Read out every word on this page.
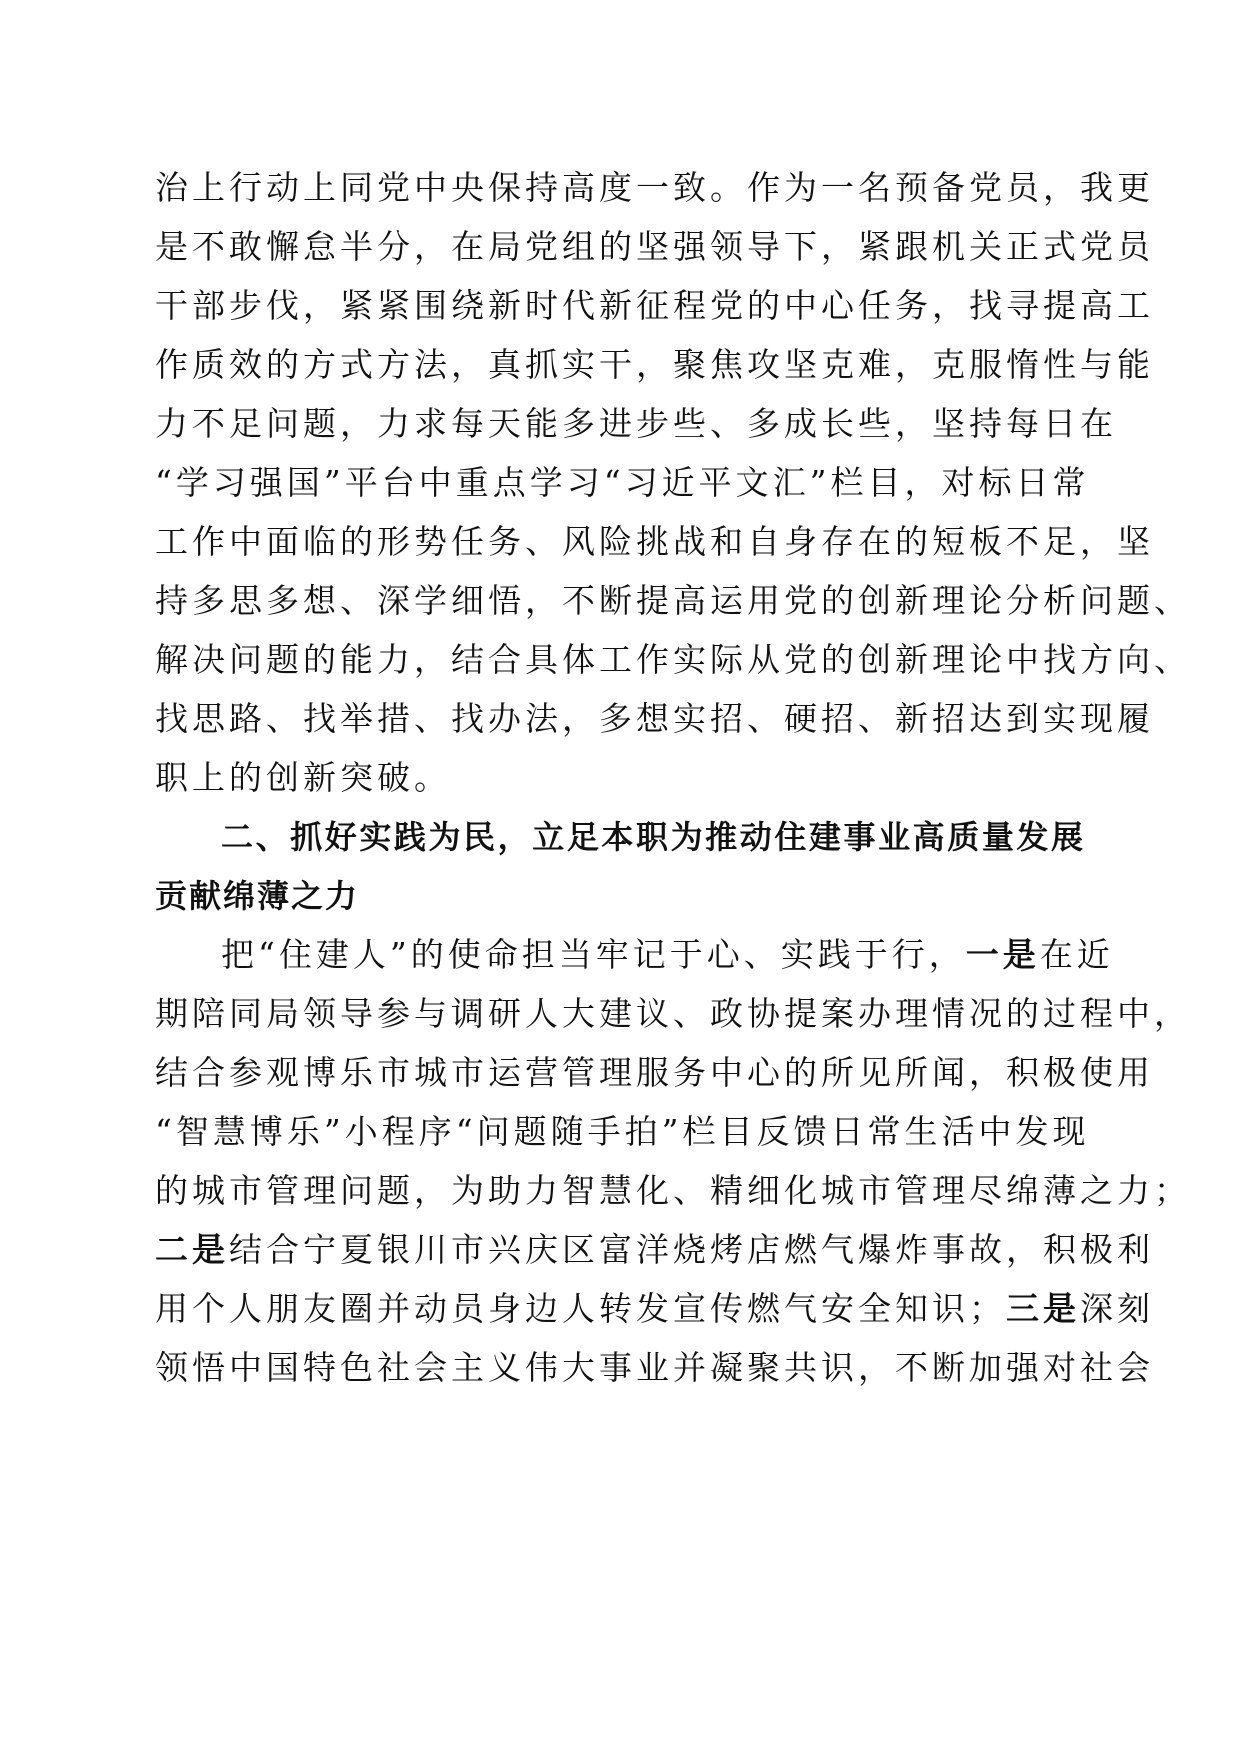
治上行动上同党中央保持高度一致。作为一名预备党员，我更
是不敢懈怠半分，在局党组的坚强领导下，紧跟机关正式党员
干部步伐，紧紧围绕新时代新征程党的中心任务，找寻提高工
作质效的方式方法，真抓实干，聚焦攻坚克难，克服惰性与能
力不足问题，力求每天能多进步些、多成长些，坚持每日在
“学习强国”平台中重点学习“习近平文汇”栏目，对标日常
工作中面临的形势任务、风险挑战和自身存在的短板不足，坚
持多思多想、深学细悟，不断提高运用党的创新理论分析问题、
解决问题的能力，结合具体工作实际从党的创新理论中找方向、
找思路、找举措、找办法，多想实招、硬招、新招达到实现履
职上的创新突破。
二、抓好实践为民，立足本职为推动住建事业高质量发展
贡献绵薄之力
把“住建人”的使命担当牢记于心、实践于行，一是在近
期陪同局领导参与调研人大建议、政协提案办理情况的过程中，
结合参观博乐市城市运营管理服务中心的所见所闻，积极使用
“智慧博乐”小程序“问题随手拍”栏目反馈日常生活中发现
的城市管理问题，为助力智慧化、精细化城市管理尽绵薄之力；
二是结合宁夏银川市兴庆区富洋烧烤店燃气爆炸事故，积极利
用个人朋友圈并动员身边人转发宣传燃气安全知识；三是深刻
领悟中国特色社会主义伟大事业并凝聚共识，不断加强对社会
